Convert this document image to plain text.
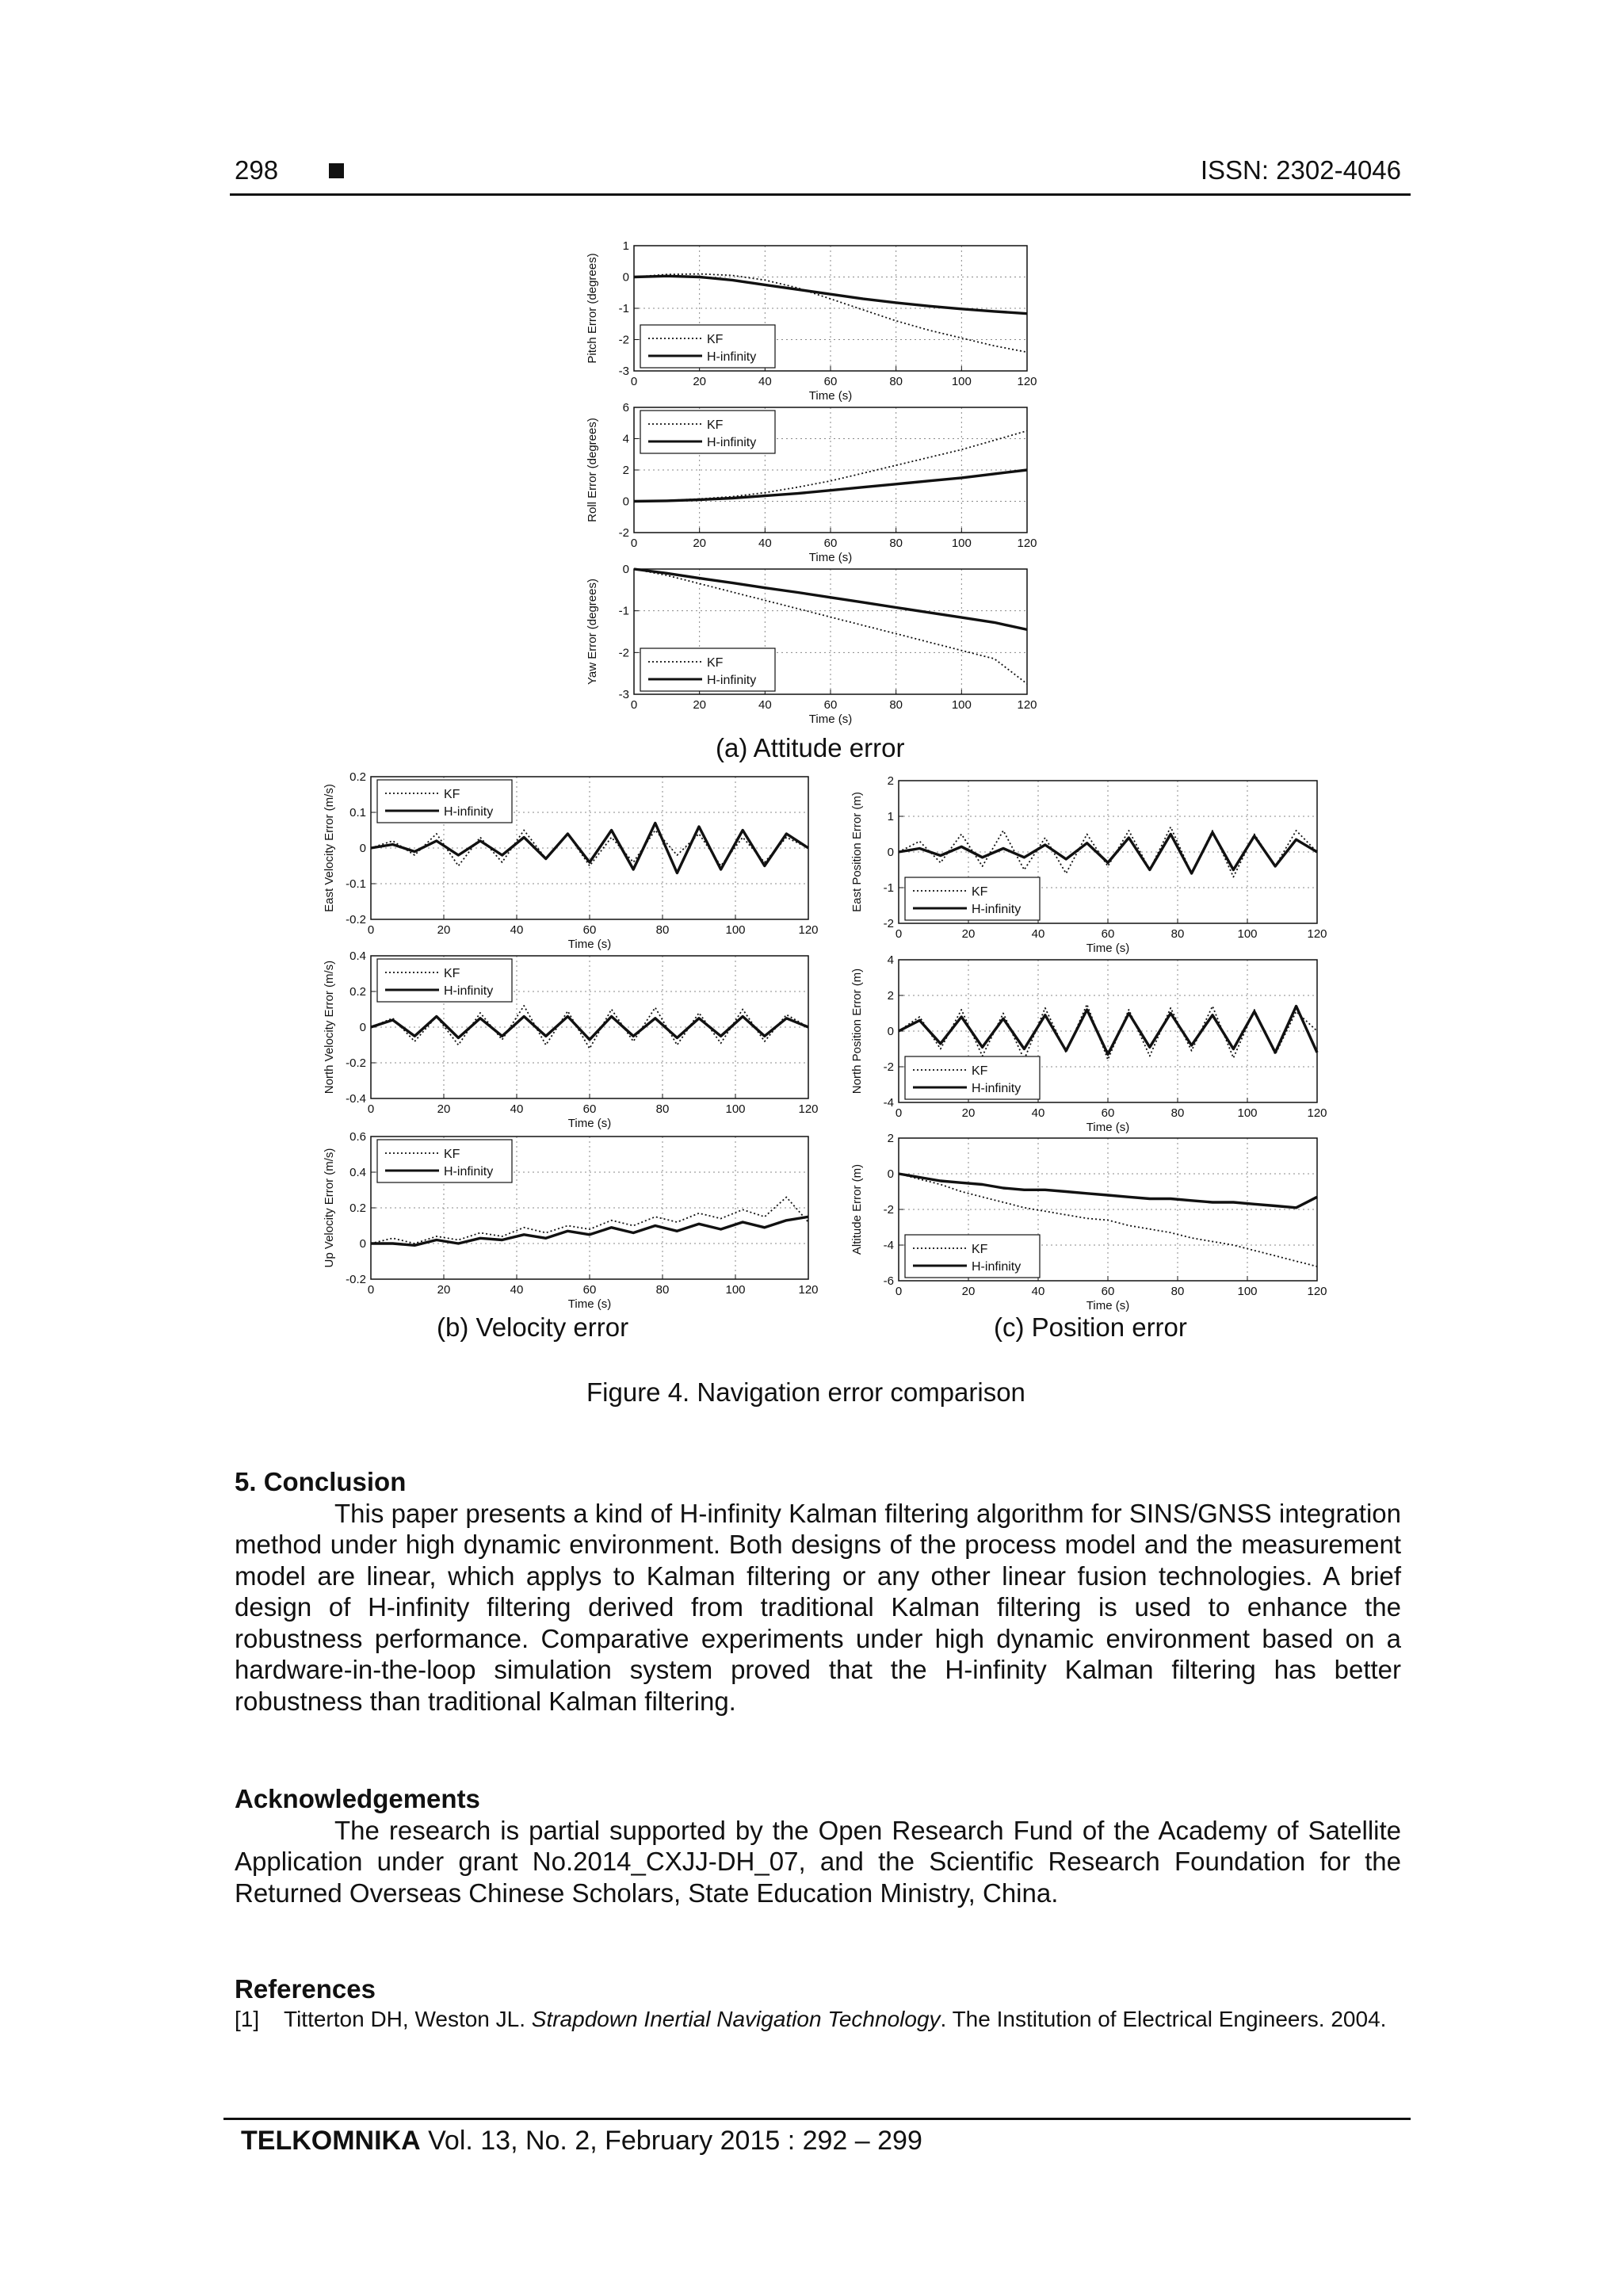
298	ISSN: 2302-4046
0	20	40	60	80	100	120
-3
-2
-1
0
1
Time (s)
Pitch Error (degrees)	KF
H-infinity
0	20	40	60	80	100	120
-2
0
2
4
6
Time (s)
Roll Error (degrees)	KF
H-infinity
0	20	40	60	80	100	120
-3
-2
-1
0
Time (s)
Yaw Error (degrees)	KF
H-infinity
0	20	40	60	80	100	120
-0.2
-0.1
0
0.1
0.2
Time (s)
East Velocity Error (m/s)	KF
H-infinity
0	20	40	60	80	100	120
-0.4
-0.2
0
0.2
0.4
Time (s)
North Velocity Error (m/s)	KF
H-infinity
0	20	40	60	80	100	120
-0.2
0
0.2
0.4
0.6
Time (s)
Up Velocity Error (m/s)	KF
H-infinity
0	20	40	60	80	100	120
-2
-1
0
1
2
Time (s)
East Position Error (m)	KF
H-infinity
0	20	40	60	80	100	120
-4
-2
0
2
4
Time (s)
North Position Error (m)	KF
H-infinity
0	20	40	60	80	100	120
-6
-4
-2
0
2
Time (s)
Altitude Error (m)	KF
H-infinity
(a) Attitude error
(b) Velocity error	(c) Position error
Figure 4. Navigation error comparison
5. Conclusion
This paper presents a kind of H-infinity Kalman filtering algorithm for SINS/GNSS integration method under high dynamic environment. Both designs of the process model and the measurement model are linear, which applys to Kalman filtering or any other linear fusion technologies. A brief design of H-infinity filtering derived from traditional Kalman filtering is used to enhance the robustness performance. Comparative experiments under high dynamic environment based on a hardware-in-the-loop simulation system proved that the H-infinity Kalman filtering has better robustness than traditional Kalman filtering.
Acknowledgements
The research is partial supported by the Open Research Fund of the Academy of Satellite Application under grant No.2014_CXJJ-DH_07, and the Scientific Research Foundation for the Returned Overseas Chinese Scholars, State Education Ministry, China.
References
[1] Titterton DH, Weston JL. Strapdown Inertial Navigation Technology. The Institution of Electrical Engineers. 2004.
TELKOMNIKA Vol. 13, No. 2, February 2015 : 292 – 299
